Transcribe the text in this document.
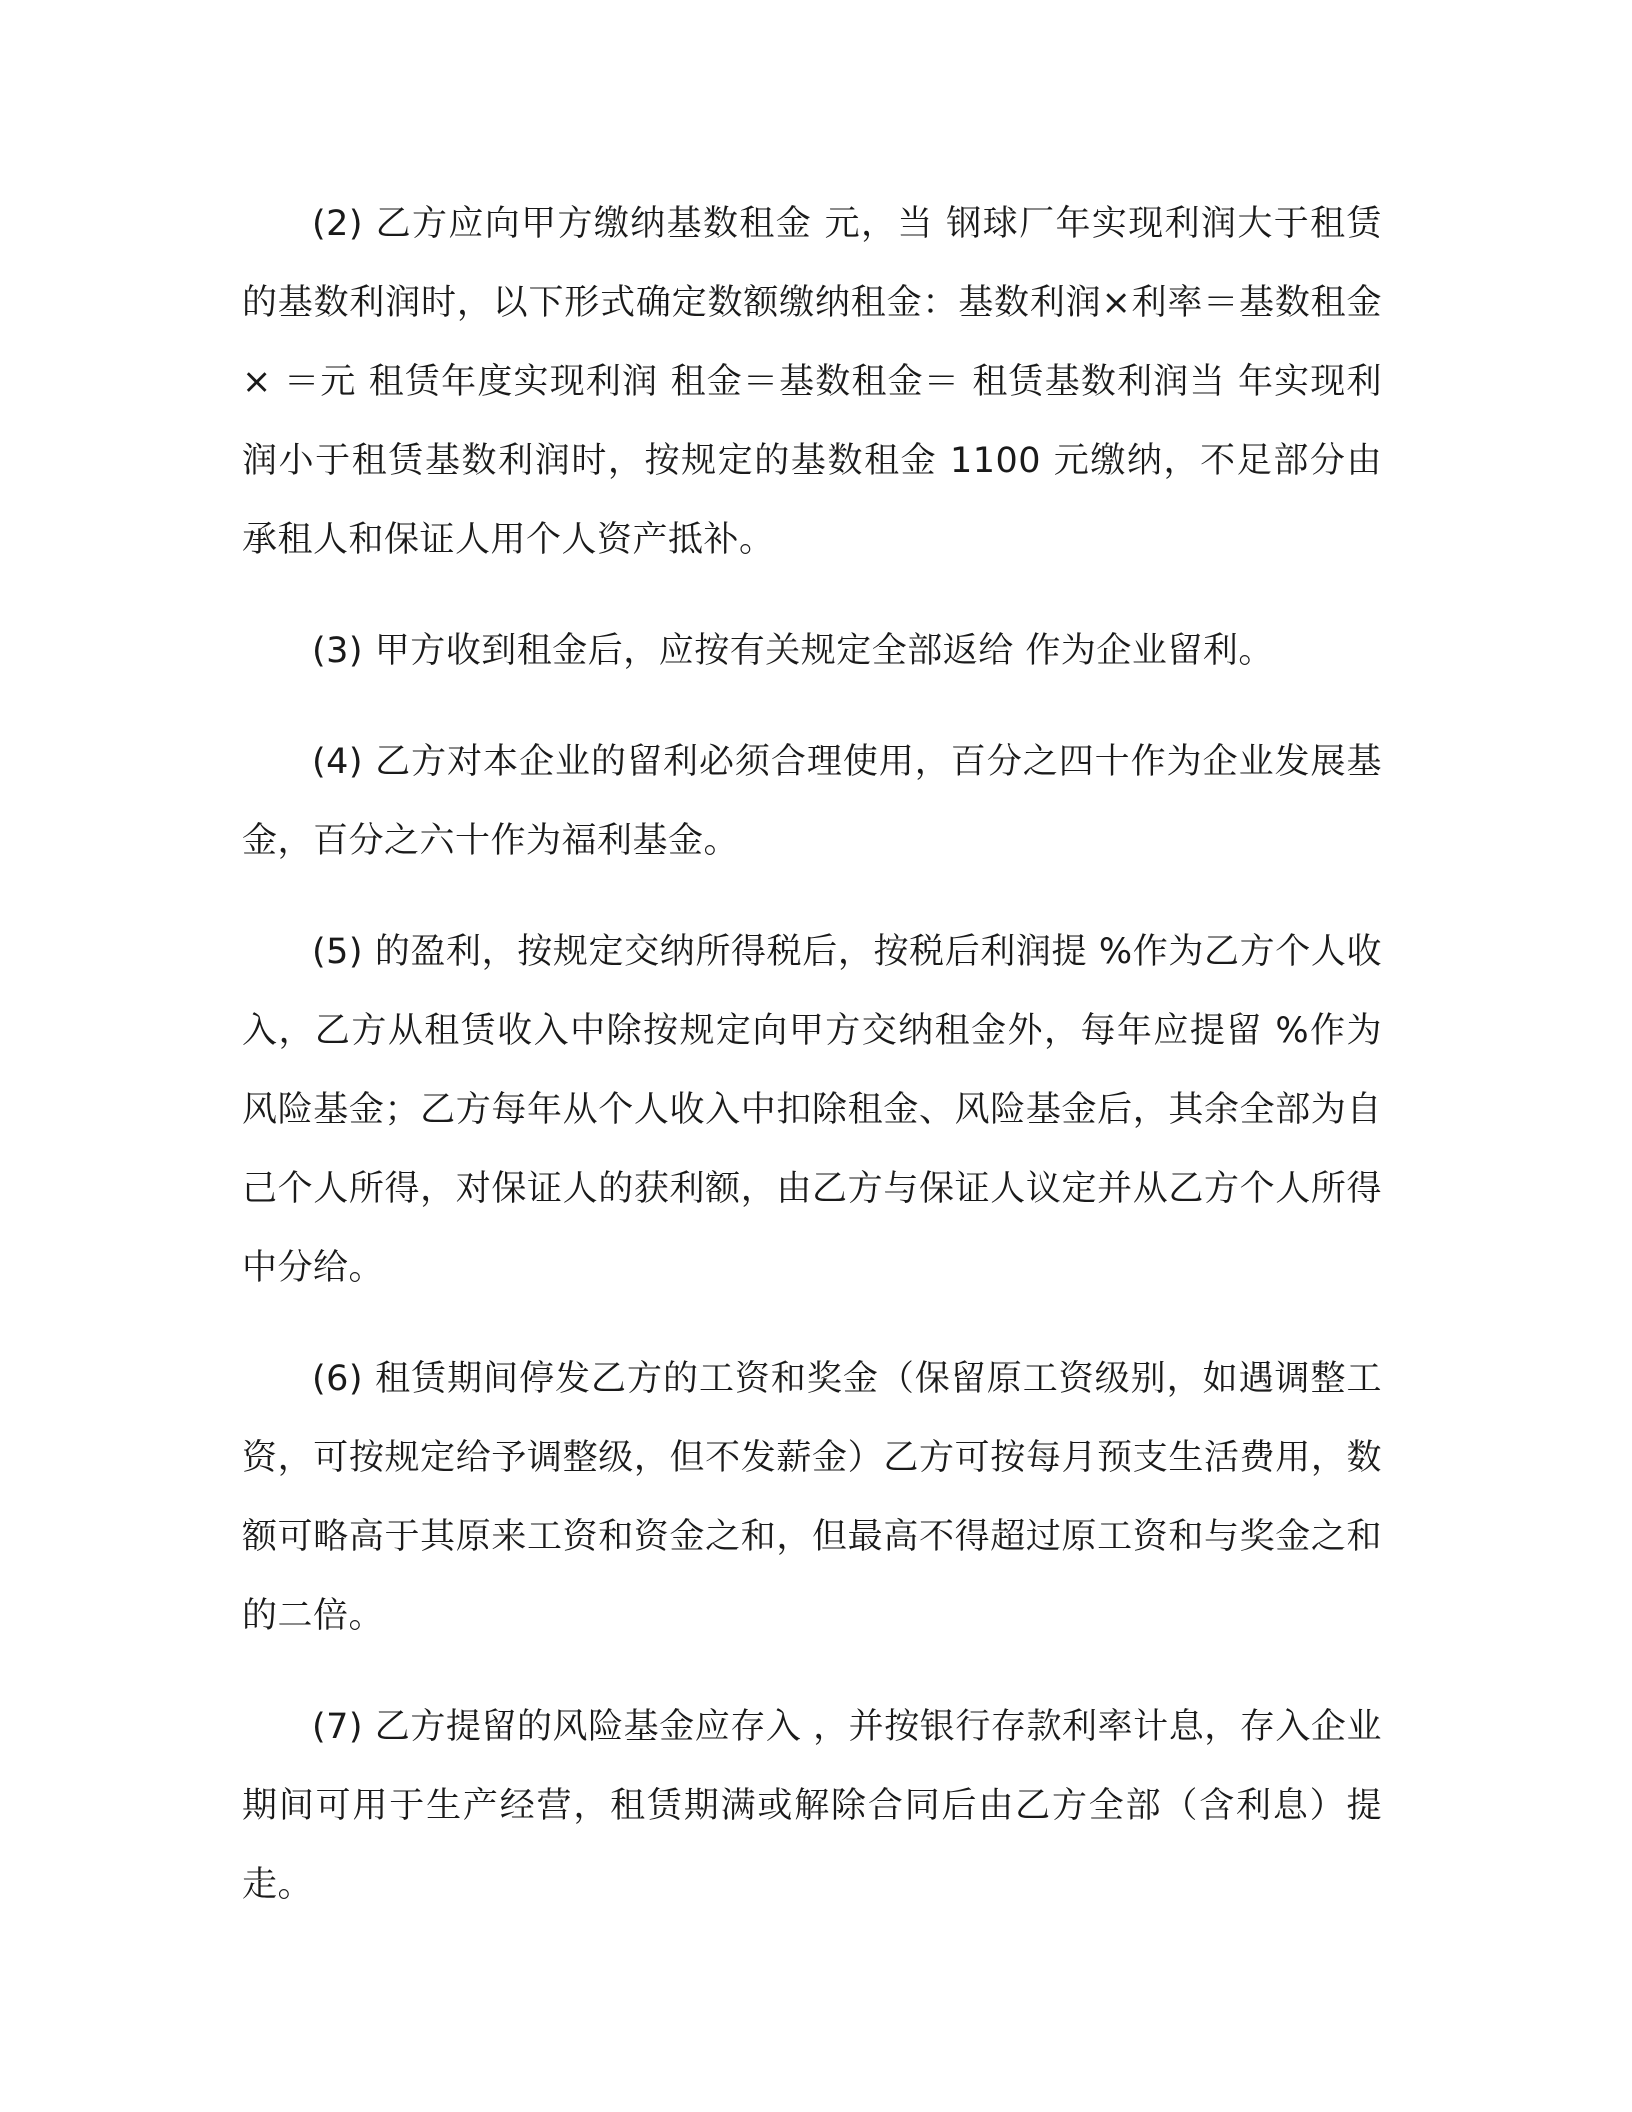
(2) 乙方应向甲方缴纳基数租金 元，当 钢球厂年实现利润大于租赁的基数利润时，以下形式确定数额缴纳租金：基数利润×利率＝基数租金 × ＝元 租赁年度实现利润 租金＝基数租金＝ 租赁基数利润当 年实现利润小于租赁基数利润时，按规定的基数租金 1100 元缴纳，不足部分由承租人和保证人用个人资产抵补。

(3) 甲方收到租金后，应按有关规定全部返给 作为企业留利。

(4) 乙方对本企业的留利必须合理使用，百分之四十作为企业发展基金，百分之六十作为福利基金。

(5) 的盈利，按规定交纳所得税后，按税后利润提 %作为乙方个人收入，乙方从租赁收入中除按规定向甲方交纳租金外，每年应提留 %作为风险基金；乙方每年从个人收入中扣除租金、风险基金后，其余全部为自己个人所得，对保证人的获利额，由乙方与保证人议定并从乙方个人所得中分给。

(6) 租赁期间停发乙方的工资和奖金（保留原工资级别，如遇调整工资，可按规定给予调整级，但不发薪金）乙方可按每月预支生活费用，数额可略高于其原来工资和资金之和，但最高不得超过原工资和与奖金之和的二倍。

(7) 乙方提留的风险基金应存入 ，并按银行存款利率计息，存入企业期间可用于生产经营，租赁期满或解除合同后由乙方全部（含利息）提走。
